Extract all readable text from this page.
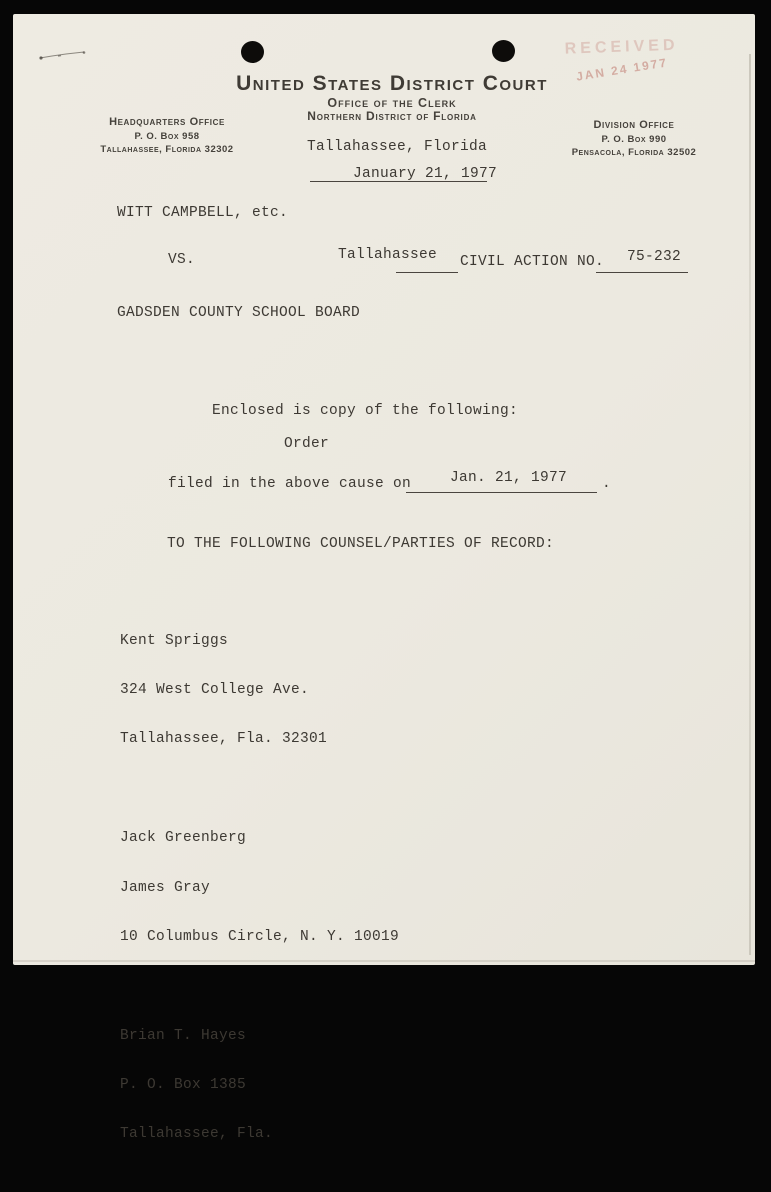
RECEIVED
JAN 24 1977
United States District Court
Office of the Clerk
Northern District of Florida
Headquarters Office
P. O. Box 958
Tallahassee, Florida 32302
Division Office
P. O. Box 990
Pensacola, Florida 32502
Tallahassee, Florida
January 21, 1977
WITT CAMPBELL, etc.
VS.	Tallahassee CIVIL ACTION NO. 75-232
GADSDEN COUNTY SCHOOL BOARD
Enclosed is copy of the following:
Order
filed in the above cause on	Jan. 21, 1977 .
TO THE FOLLOWING COUNSEL/PARTIES OF RECORD:

Kent Spriggs

324 West College Ave.

Tallahassee, Fla. 32301

Jack Greenberg

James Gray

10 Columbus Circle, N. Y. 10019

Brian T. Hayes

P. O. Box 1385

Tallahassee, Fla.
